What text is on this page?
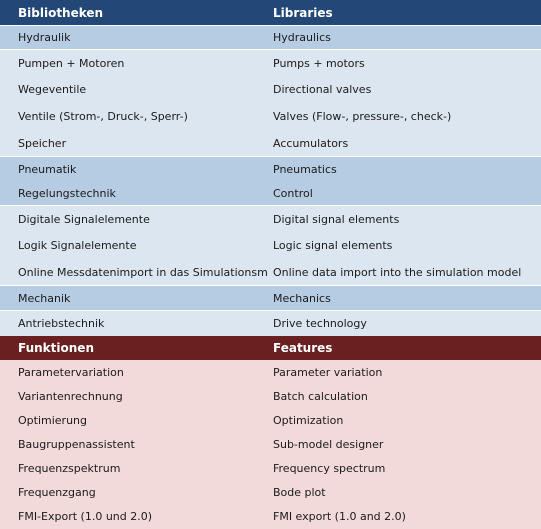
Bibliotheken	Libraries
Hydraulik	Hydraulics
Pumpen + Motoren	Pumps + motors
Wegeventile	Directional valves
Ventile (Strom-, Druck-, Sperr-)	Valves (Flow-, pressure-, check-)
Speicher	Accumulators
Pneumatik	Pneumatics
Regelungstechnik	Control
Digitale Signalelemente	Digital signal elements
Logik Signalelemente	Logic signal elements
Online Messdatenimport in das Simulationsm Online data import into the simulation model
Mechanik	Mechanics
Antriebstechnik	Drive technology
Funktionen	Features
Parametervariation	Parameter variation
Variantenrechnung	Batch calculation
Optimierung	Optimization
Baugruppenassistent	Sub-model designer
Frequenzspektrum	Frequency spectrum
Frequenzgang	Bode plot
FMI-Export (1.0 und 2.0)	FMI export (1.0 and 2.0)
